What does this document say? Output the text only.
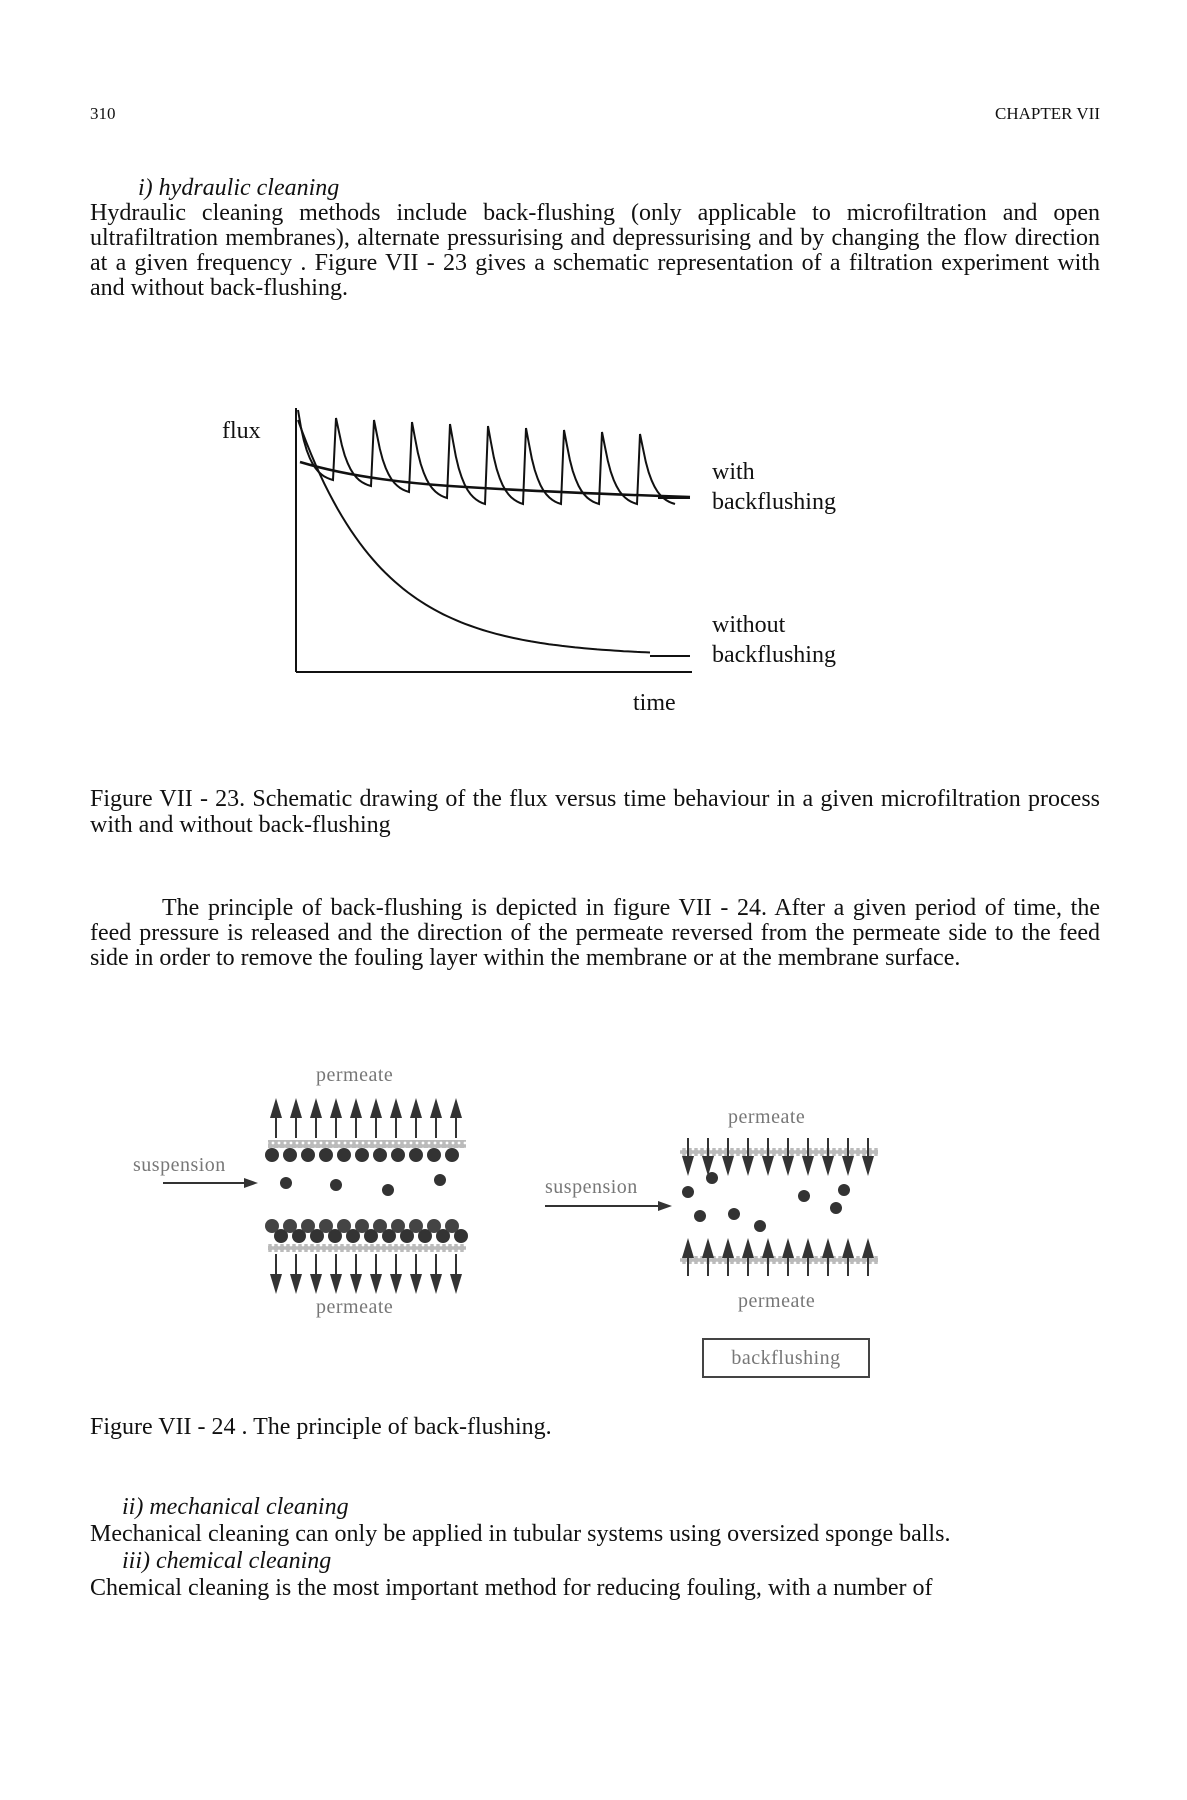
310	CHAPTER VII
i) hydraulic cleaning
Hydraulic cleaning methods include back-flushing (only applicable to microfiltration and open ultrafiltration membranes), alternate pressurising and depressurising and by changing the flow direction at a given frequency . Figure VII - 23 gives a schematic representation of a filtration experiment with and without back-flushing.
flux
time
with
backflushing
without
backflushing
Figure VII - 23. Schematic drawing of the flux versus time behaviour in a given microfiltration process with and without back-flushing
The principle of back-flushing is depicted in figure VII - 24. After a given period of time, the feed pressure is released and the direction of the permeate reversed from the permeate side to the feed side in order to remove the fouling layer within the membrane or at the membrane surface.
permeate
suspension
permeate
permeate
suspension
permeate
backflushing
Figure VII - 24 . The principle of back-flushing.
ii) mechanical cleaning
Mechanical cleaning can only be applied in tubular systems using oversized sponge balls.
iii) chemical cleaning
Chemical cleaning is the most important method for reducing fouling, with a number of
